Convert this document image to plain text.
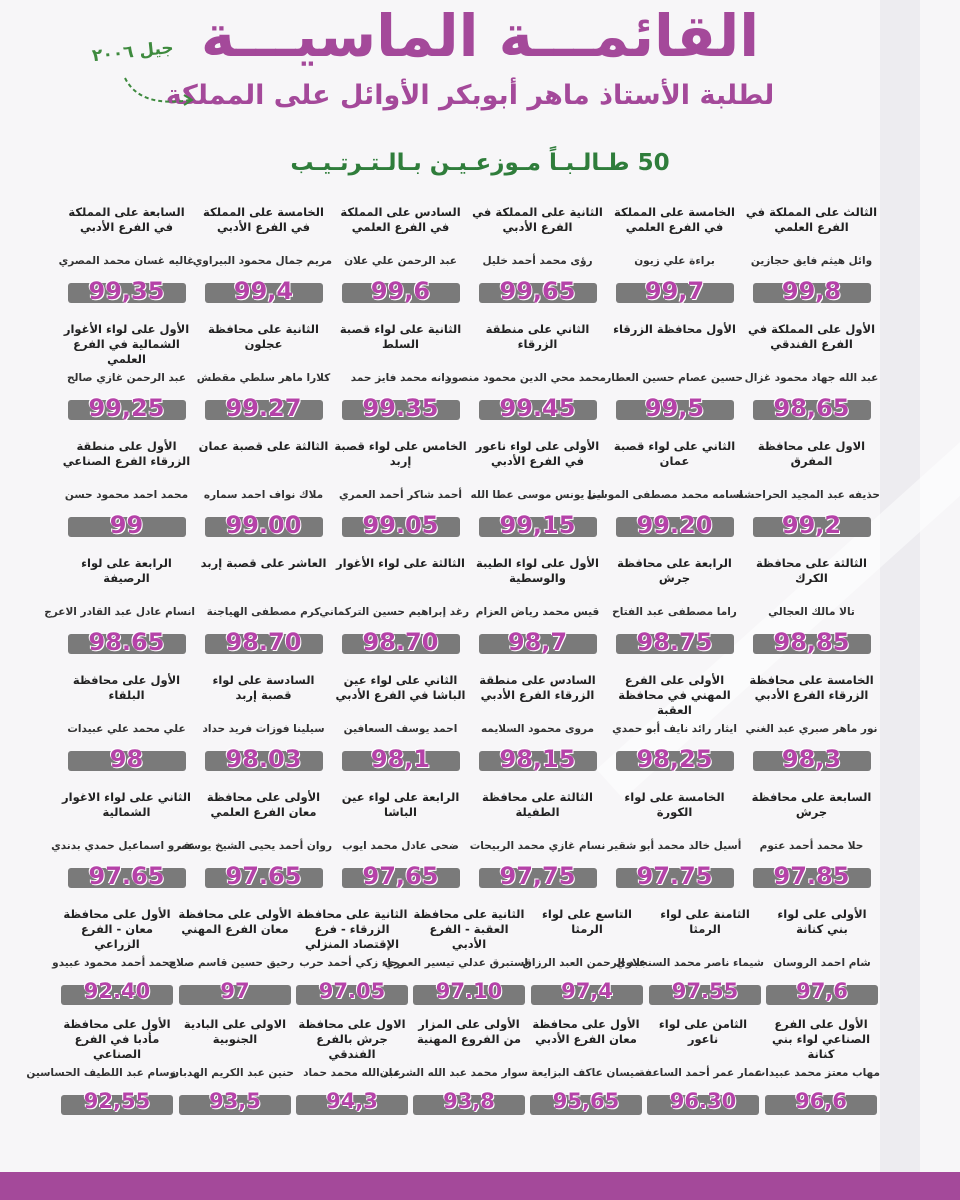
القائمـــة الماسيـــة
لطلبة الأستاذ ماهر أبوبكر الأوائل على المملكة
جيل ٢٠٠٦
50 طـالـبـاً مـوزعـيـن بـالـتـرتـيـب
الثالث على المملكة في الفرع العلمي
وائل هيثم فايق حجازين
99,8
الخامسة على المملكة في الفرع العلمي
براءة علي زيون
99,7
الثانية على المملكة في الفرع الأدبي
رؤى محمد أحمد خليل
99,65
السادس على المملكة في الفرع العلمي
عبد الرحمن علي علان
99,6
الخامسة على المملكة في الفرع الأدبي
مريم جمال محمود البيراوي
99,4
السابعة على المملكة في الفرع الأدبي
غاليه غسان محمد المصري
99,35
الأول على المملكة في الفرع الفندقي
عبد الله جهاد محمود غزال
98,65
الأول محافظة الزرقاء
حسين عصام حسين العطار
99,5
الثاني على منطقة الزرقاء
محمد محي الدين محمود منصور
99.45
الثانية على لواء قصبة السلط
دانه محمد فايز حمد
99.35
الثانية على محافظة عجلون
كلارا ماهر سلطي مقطش
99.27
الأول على لواء الأغوار الشمالية في الفرع العلمي
عبد الرحمن غازي صالح
99,25
الاول على محافظة المفرق
حذيفه عبد المجيد الحراحشة
99,2
الثاني على لواء قصبة عمان
اسامه محمد مصطفى الموسى
99.20
الأولى على لواء ناعور في الفرع الأدبي
لينا يونس موسى عطا الله
99,15
الخامس على لواء قصبة إربد
أحمد شاكر أحمد العمري
99.05
الثالثة على قصبة عمان
ملاك نواف احمد سماره
99.00
الأول على منطقة الزرقاء الفرع الصناعي
محمد احمد محمود حسن
99
الثالثة على محافظة الكرك
تالا مالك العجالي
98,85
الرابعة على محافظة جرش
راما مصطفى عبد الفتاح
98.75
الأول على لواء الطيبة والوسطية
قيس محمد رياض العزام
98,7
الثالثة على لواء الأغوار
رغد إبراهيم حسين التركماني
98.70
العاشر على قصبة إربد
كرم مصطفى الهياجنة
98.70
الرابعة على لواء الرصيفة
انسام عادل عبد القادر الاعرج
98.65
الخامسة على محافظة الزرقاء الفرع الأدبي
نور ماهر صبري عبد الغني
98,3
الأولى على الفرع المهني في محافظة العقبة
ايثار رائد نايف أبو حمدي
98,25
السادس على منطقة الزرقاء الفرع الأدبي
مروى محمود السلايمه
98,15
الثاني على لواء عين الباشا في الفرع الأدبي
احمد يوسف السعافين
98,1
السادسة على لواء قصبة إربد
سيلينا فوزات فريد حداد
98.03
الأول على محافظة البلقاء
علي محمد علي عبيدات
98
السابعة على محافظة جرش
حلا محمد أحمد عتوم
97.85
الخامسة على لواء الكورة
أسيل خالد محمد أبو شقير
97.75
الثالثة على محافظة الطفيلة
نسام غازي محمد الربيحات
97,75
الرابعة على لواء عين الباشا
ضحى عادل محمد ايوب
97,65
الأولى على محافظة معان الفرع العلمي
روان أحمد يحيى الشيخ يوسف
97.65
الثاني على لواء الاغوار الشمالية
عمرو اسماعيل حمدي بدندي
97.65
الأولى على لواء بني كنانة
شام احمد الروسان
97,6
الثامنة على لواء الرمثا
شيماء ناصر محمد السنجلاوي
97.55
التاسع على لواء الرمثا
عبد الرحمن العبد الرزاق
97,4
الثانية على محافظة العقبة - الفرع الأدبي
استبرق عدلي تيسير العمري
97.10
الثانية على محافظة الزرقاء - فرع الإقتصاد المنزلي
رجاء زكي أحمد حرب
97.05
الأولى على محافظة معان الفرع المهني
رحيق حسين قاسم صلاح
97
الأول على محافظة معان - الفرع الزراعي
محمد أحمد محمود عبيدو
92.40
الأول على الفرع الصناعي لواء بني كنانة
مهاب معتز محمد عبيدات
96,6
الثامن على لواء ناعور
عمار عمر أحمد الساعفة
96.30
الأول على محافظة معان الفرع الأدبي
ميسان عاكف البزايعة
95,65
الأولى على المزار من الفروع المهنية
سوار محمد عبد الله الشرمان
93,8
الاول على محافظة جرش بالفرع الفندقي
عبد الله محمد حماد
94,3
الاولى على البادية الجنوبية
حنين عبد الكريم الهدبان
93,5
الأول على محافظة مأدبا في الفرع الصناعي
وسام عبد اللطيف الحساسين
92,55
